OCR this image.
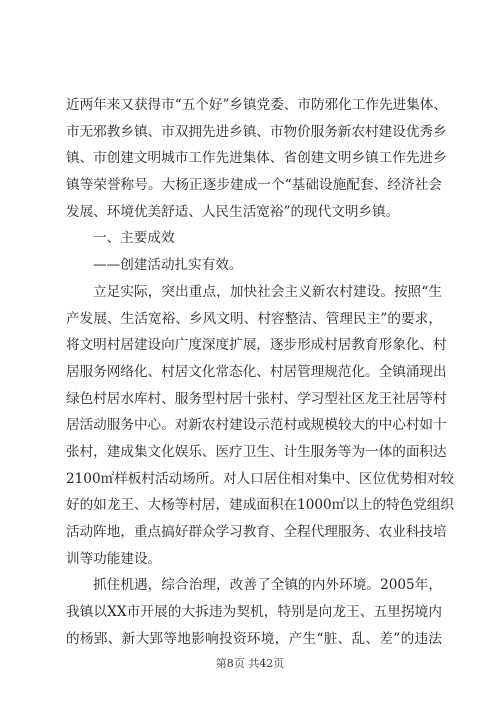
近两年来又获得市“五个好”乡镇党委、市防邪化工作先进集体、
市无邪教乡镇、市双拥先进乡镇、市物价服务新农村建设优秀乡
镇、市创建文明城市工作先进集体、省创建文明乡镇工作先进乡
镇等荣誉称号。大杨正逐步建成一个“基础设施配套、经济社会
发展、环境优美舒适、人民生活宽裕”的现代文明乡镇。
一、主要成效
——创建活动扎实有效。
立足实际，突出重点，加快社会主义新农村建设。按照“生
产发展、生活宽裕、乡风文明、村容整洁、管理民主”的要求，
将文明村居建设向广度深度扩展，逐步形成村居教育形象化、村
居服务网络化、村居文化常态化、村居管理规范化。全镇涌现出
绿色村居水库村、服务型村居十张村、学习型社区龙王社居等村
居活动服务中心。对新农村建设示范村或规模较大的中心村如十
张村，建成集文化娱乐、医疗卫生、计生服务等为一体的面积达
2100㎡样板村活动场所。对人口居住相对集中、区位优势相对较
好的如龙王、大杨等村居，建成面积在1000㎡以上的特色党组织
活动阵地，重点搞好群众学习教育、全程代理服务、农业科技培
训等功能建设。
抓住机遇，综合治理，改善了全镇的内外环境。2005年，
我镇以XX市开展的大拆违为契机，特别是向龙王、五里拐境内
的杨郢、新大郢等地影响投资环境，产生“脏、乱、差”的违法
第8页 共42页
